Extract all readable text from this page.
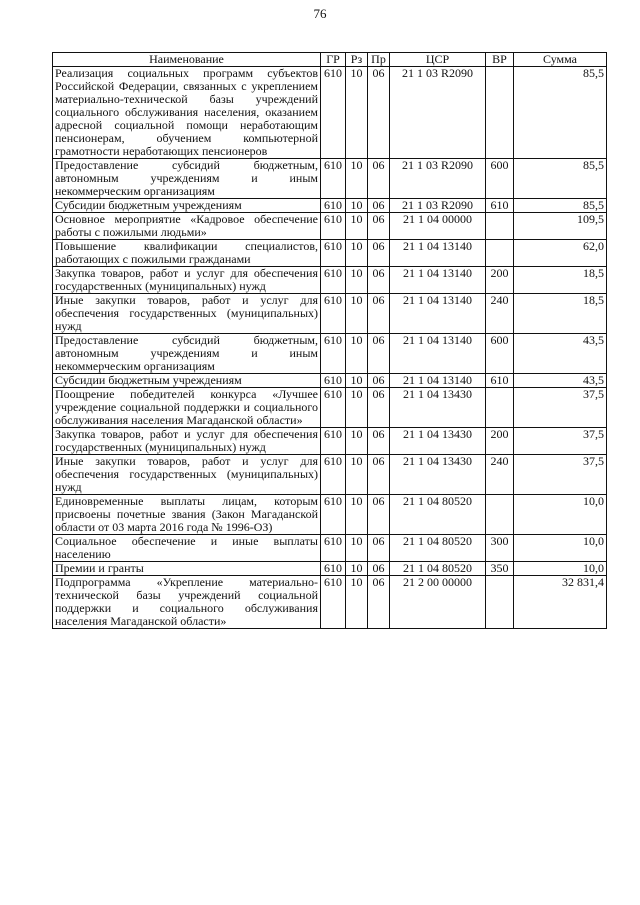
76
Наименование	ГР	Рз	Пр	ЦСР	ВР	Сумма
Реализация социальных программ субъектов Российской Федерации, связанных с укреплением материально-технической базы учреждений социального обслуживания населения, оказанием адресной социальной помощи неработающим пенсионерам, обучением компьютерной грамотности неработающих пенсионеров	610	10	06	21 1 03 R2090		85,5
Предоставление субсидий бюджетным, автономным учреждениям и иным некоммерческим организациям	610	10	06	21 1 03 R2090	600	85,5
Субсидии бюджетным учреждениям	610	10	06	21 1 03 R2090	610	85,5
Основное мероприятие «Кадровое обеспечение работы с пожилыми людьми»	610	10	06	21 1 04 00000		109,5
Повышение квалификации специалистов, работающих с пожилыми гражданами	610	10	06	21 1 04 13140		62,0
Закупка товаров, работ и услуг для обеспечения государственных (муниципальных) нужд	610	10	06	21 1 04 13140	200	18,5
Иные закупки товаров, работ и услуг для обеспечения государственных (муниципальных) нужд	610	10	06	21 1 04 13140	240	18,5
Предоставление субсидий бюджетным, автономным учреждениям и иным некоммерческим организациям	610	10	06	21 1 04 13140	600	43,5
Субсидии бюджетным учреждениям	610	10	06	21 1 04 13140	610	43,5
Поощрение победителей конкурса «Лучшее учреждение социальной поддержки и социального обслуживания населения Магаданской области»	610	10	06	21 1 04 13430		37,5
Закупка товаров, работ и услуг для обеспечения государственных (муниципальных) нужд	610	10	06	21 1 04 13430	200	37,5
Иные закупки товаров, работ и услуг для обеспечения государственных (муниципальных) нужд	610	10	06	21 1 04 13430	240	37,5
Единовременные выплаты лицам, которым присвоены почетные звания (Закон Магаданской области от 03 марта 2016 года № 1996-ОЗ)	610	10	06	21 1 04 80520		10,0
Социальное обеспечение и иные выплаты населению	610	10	06	21 1 04 80520	300	10,0
Премии и гранты	610	10	06	21 1 04 80520	350	10,0
Подпрограмма «Укрепление материально-технической базы учреждений социальной поддержки и социального обслуживания населения Магаданской области»	610	10	06	21 2 00 00000		32 831,4
